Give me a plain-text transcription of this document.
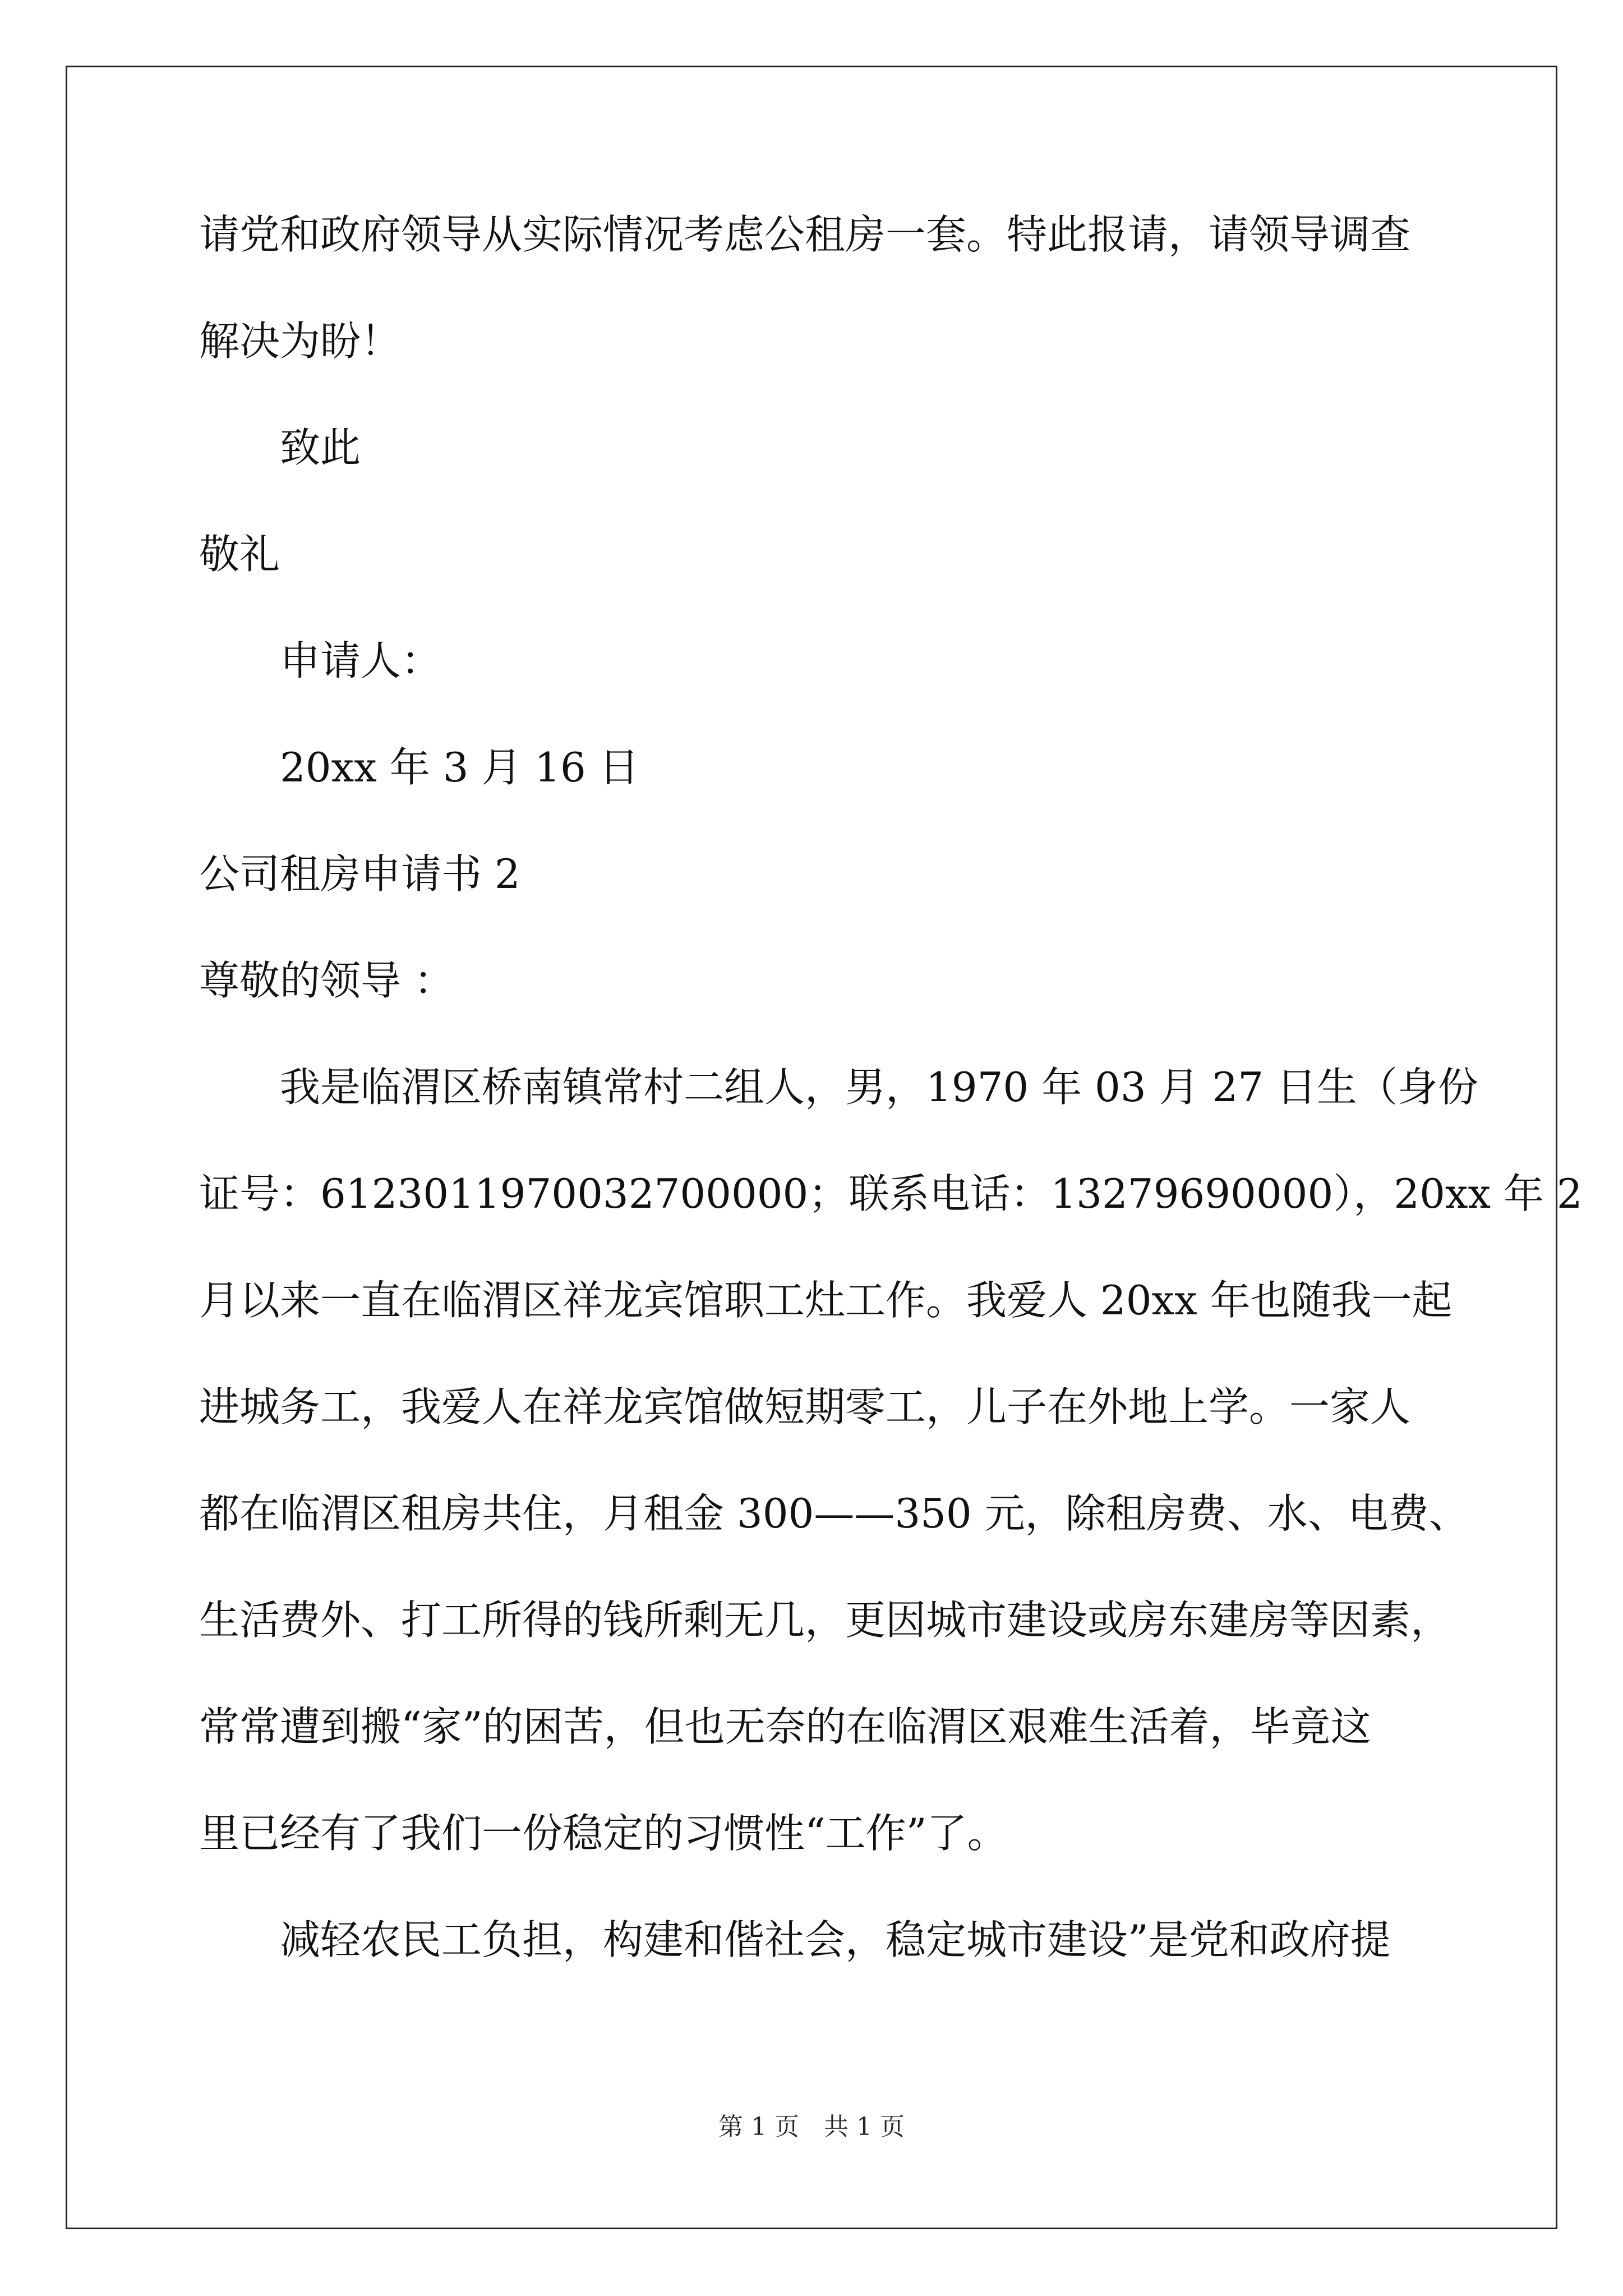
请党和政府领导从实际情况考虑公租房一套。特此报请，请领导调查
解决为盼！
致此
敬礼
申请人：
20xx 年 3 月 16 日
公司租房申请书 2
尊敬的领导 ：
我是临渭区桥南镇常村二组人，男，1970 年 03 月 27 日生（身份
证号：612301197003270000​0；联系电话：13279690000），20xx 年 2
月以来一直在临渭区祥龙宾馆职工灶工作。我爱人 20xx 年也随我一起
进城务工，我爱人在祥龙宾馆做短期零工，儿子在外地上学。一家人
都在临渭区租房共住，月租金 300——350 元，除租房费、水、电费、
生活费外、打工所得的钱所剩无几，更因城市建设或房东建房等因素，
常常遭到搬“家”的困苦，但也无奈的在临渭区艰难生活着，毕竟这
里已经有了我们一份稳定的习惯性“工作”了。
减轻农民工负担，构建和偕社会，稳定城市建设”是党和政府提
第 1 页　共 1 页
